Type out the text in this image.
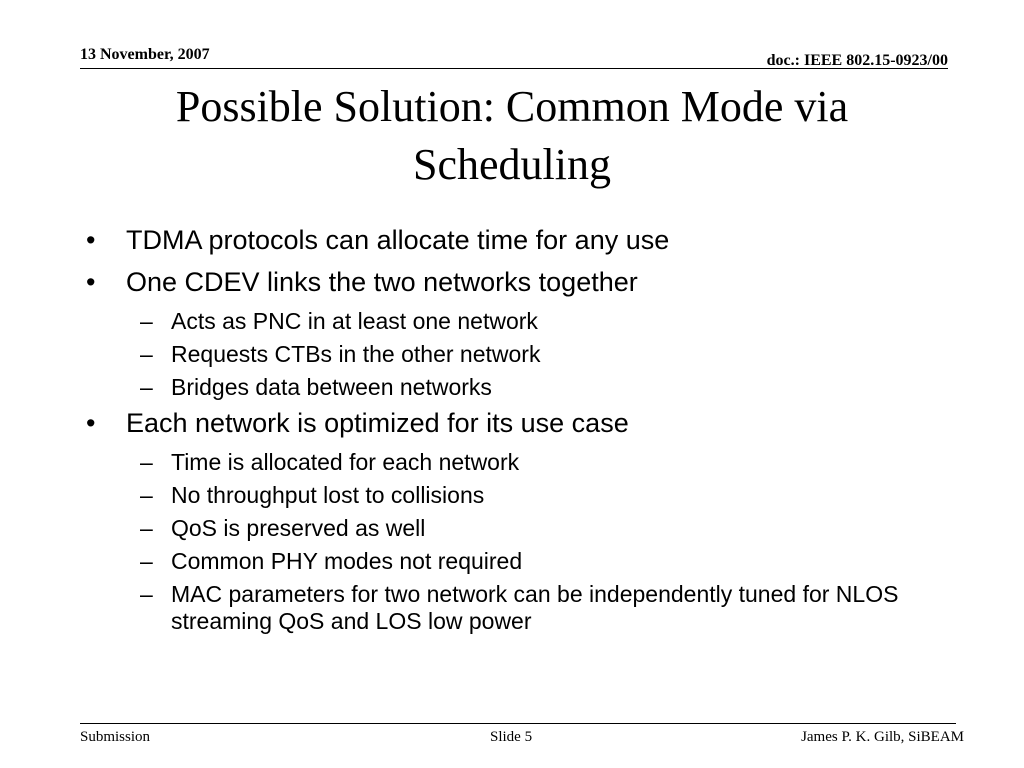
13 November, 2007	doc.: IEEE 802.15-0923/00
Possible Solution: Common Mode via Scheduling
• TDMA protocols can allocate time for any use
• One CDEV links the two networks together
– Acts as PNC in at least one network
– Requests CTBs in the other network
– Bridges data between networks
• Each network is optimized for its use case
– Time is allocated for each network
– No throughput lost to collisions
– QoS is preserved as well
– Common PHY modes not required
– MAC parameters for two network can be independently tuned for NLOS streaming QoS and LOS low power
Submission	Slide 5	James P. K. Gilb, SiBEAM
